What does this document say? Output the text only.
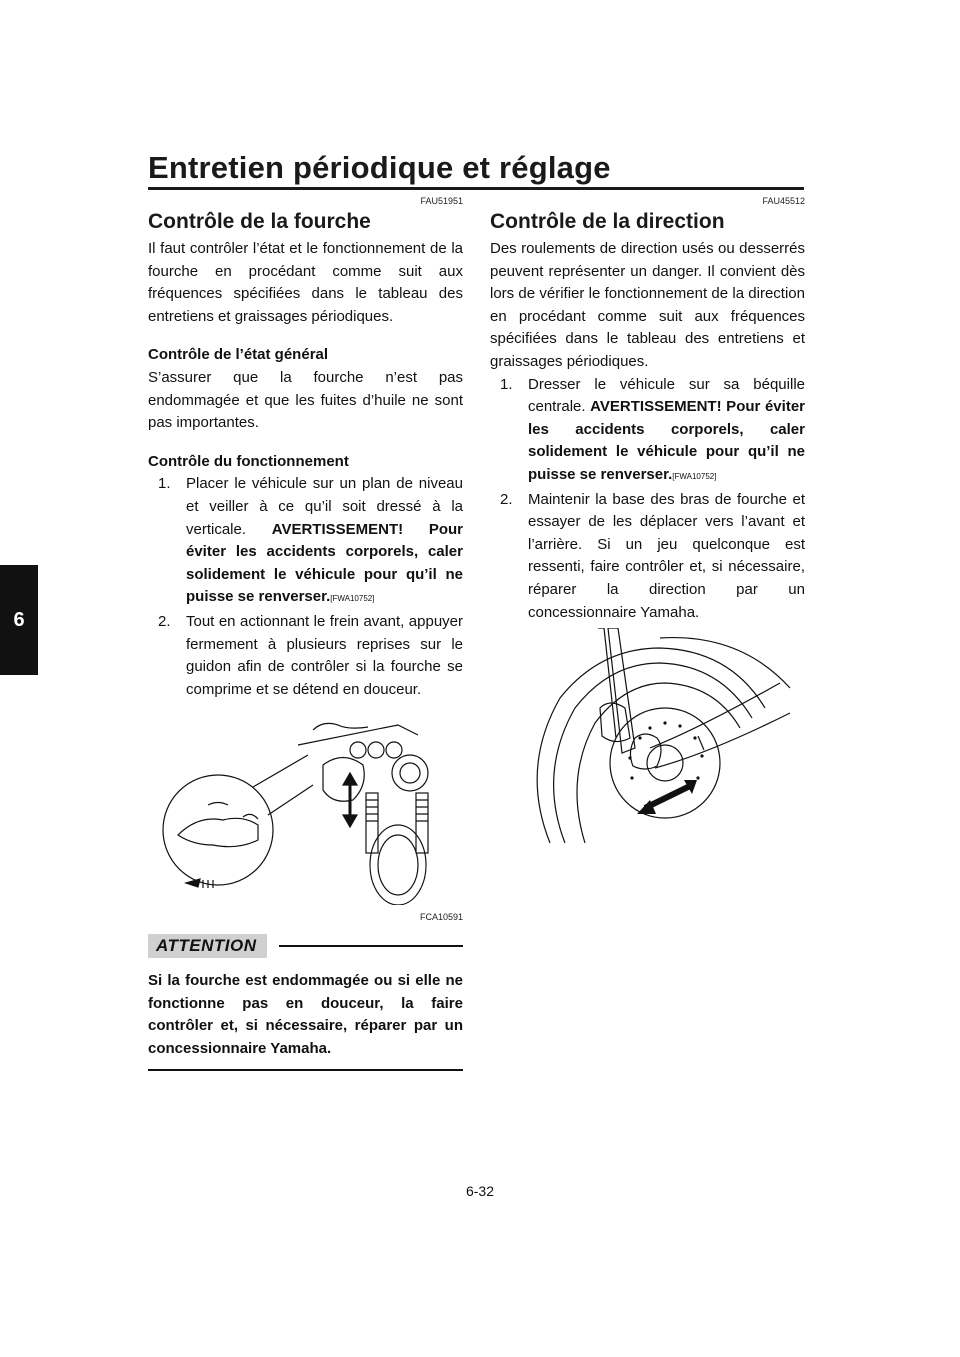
Entretien périodique et réglage
6
FAU51951
Contrôle de la fourche

Il faut contrôler l’état et le fonctionnement de la fourche en procédant comme suit aux fréquences spécifiées dans le tableau des entretiens et graissages périodiques.

Contrôle de l’état général

S’assurer que la fourche n’est pas endommagée et que les fuites d’huile ne sont pas importantes.

Contrôle du fonctionnement
1. Placer le véhicule sur un plan de niveau et veiller à ce qu’il soit dressé à la verticale. AVERTISSEMENT! Pour éviter les accidents corporels, caler solidement le véhicule pour qu’il ne puisse se renverser.[FWA10752]
2. Tout en actionnant le frein avant, appuyer fermement à plusieurs reprises sur le guidon afin de contrôler si la fourche se comprime et se détend en douceur.
FCA10591
ATTENTION
Si la fourche est endommagée ou si elle ne fonctionne pas en douceur, la faire contrôler et, si nécessaire, réparer par un concessionnaire Yamaha.
FAU45512
Contrôle de la direction

Des roulements de direction usés ou desserrés peuvent représenter un danger. Il convient dès lors de vérifier le fonctionnement de la direction en procédant comme suit aux fréquences spécifiées dans le tableau des entretiens et graissages périodiques.

1. Dresser le véhicule sur sa béquille centrale. AVERTISSEMENT! Pour éviter les accidents corporels, caler solidement le véhicule pour qu’il ne puisse se renverser.[FWA10752]
2. Maintenir la base des bras de fourche et essayer de les déplacer vers l’avant et l’arrière. Si un jeu quelconque est ressenti, faire contrôler et, si nécessaire, réparer la direction par un concessionnaire Yamaha.
6-32
